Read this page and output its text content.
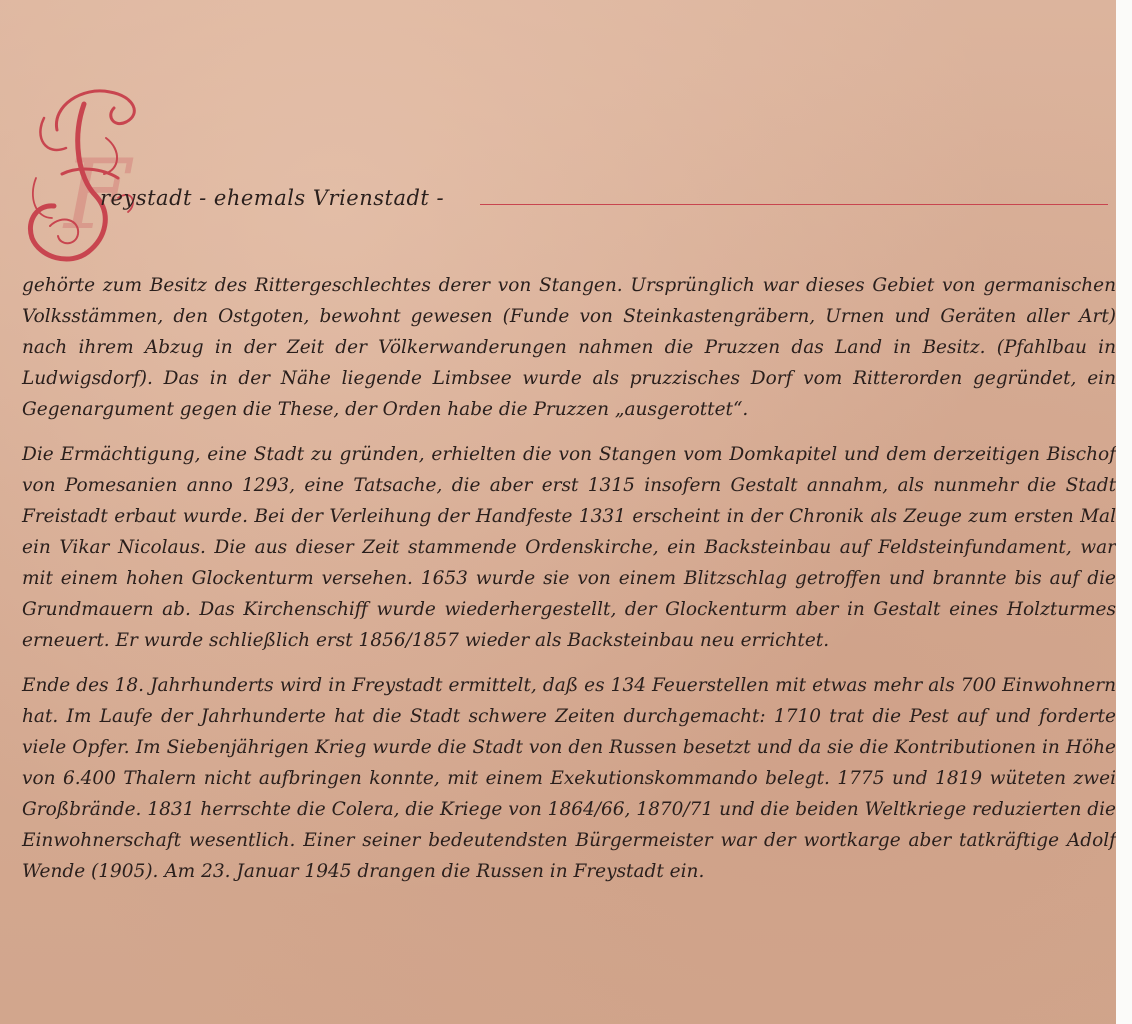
F
reystadt - ehemals Vrienstadt -

gehörte zum Besitz des Rittergeschlechtes derer von Stangen. Ursprünglich war dieses Gebiet von germanischen Volksstämmen, den Ostgoten, bewohnt gewesen (Funde von Steinkastengräbern, Urnen und Geräten aller Art) nach ihrem Abzug in der Zeit der Völkerwanderungen nahmen die Pruzzen das Land in Besitz. (Pfahlbau in Ludwigsdorf). Das in der Nähe liegende Limbsee wurde als pruzzisches Dorf vom Ritterorden gegründet, ein Gegenargument gegen die These, der Orden habe die Pruzzen „ausgerottet“.

Die Ermächtigung, eine Stadt zu gründen, erhielten die von Stangen vom Domkapitel und dem derzeitigen Bischof von Pomesanien anno 1293, eine Tatsache, die aber erst 1315 insofern Gestalt annahm, als nunmehr die Stadt Freistadt erbaut wurde. Bei der Verleihung der Handfeste 1331 erscheint in der Chronik als Zeuge zum ersten Mal ein Vikar Nicolaus. Die aus dieser Zeit stammende Ordenskirche, ein Backsteinbau auf Feldsteinfundament, war mit einem hohen Glockenturm versehen. 1653 wurde sie von einem Blitzschlag getroffen und brannte bis auf die Grundmauern ab. Das Kirchenschiff wurde wiederhergestellt, der Glockenturm aber in Gestalt eines Holzturmes erneuert. Er wurde schließlich erst 1856/1857 wieder als Backsteinbau neu errichtet.

Ende des 18. Jahrhunderts wird in Freystadt ermittelt, daß es 134 Feuerstellen mit etwas mehr als 700 Einwohnern hat. Im Laufe der Jahrhunderte hat die Stadt schwere Zeiten durchgemacht: 1710 trat die Pest auf und forderte viele Opfer. Im Siebenjährigen Krieg wurde die Stadt von den Russen besetzt und da sie die Kontributionen in Höhe von 6.400 Thalern nicht aufbringen konnte, mit einem Exekutionskommando belegt. 1775 und 1819 wüteten zwei Großbrände. 1831 herrschte die Colera, die Kriege von 1864/66, 1870/71 und die beiden Weltkriege reduzierten die Einwohnerschaft wesentlich. Einer seiner bedeutendsten Bürgermeister war der wortkarge aber tatkräftige Adolf Wende (1905). Am 23. Januar 1945 drangen die Russen in Freystadt ein.
